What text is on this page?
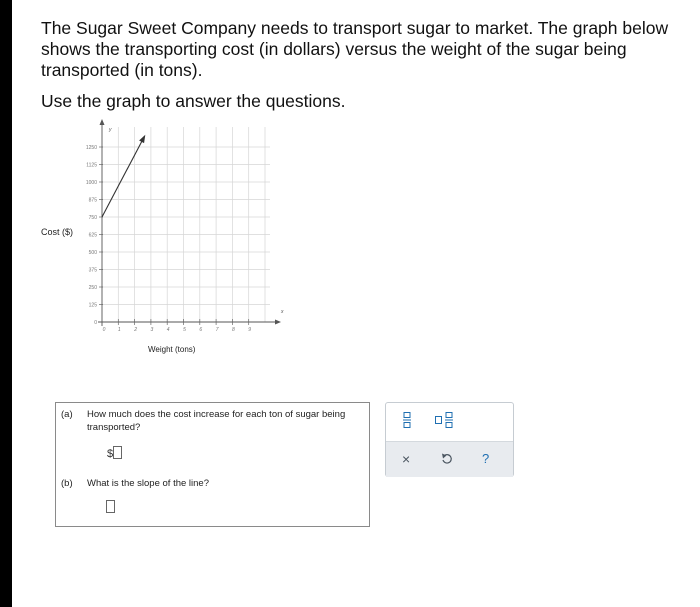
The Sugar Sweet Company needs to transport sugar to market. The graph below shows the transporting cost (in dollars) versus the weight of the sugar being transported (in tons).
Use the graph to answer the questions.
0
125
250
375
500
625
750
875
1000
1125
1250
0	1	2	3	4	5	6	7	8	9
Cost ($)
Weight (tons)
y
x
(a) How much does the cost increase for each ton of sugar being transported?
$
(b) What is the slope of the line?
×	?
